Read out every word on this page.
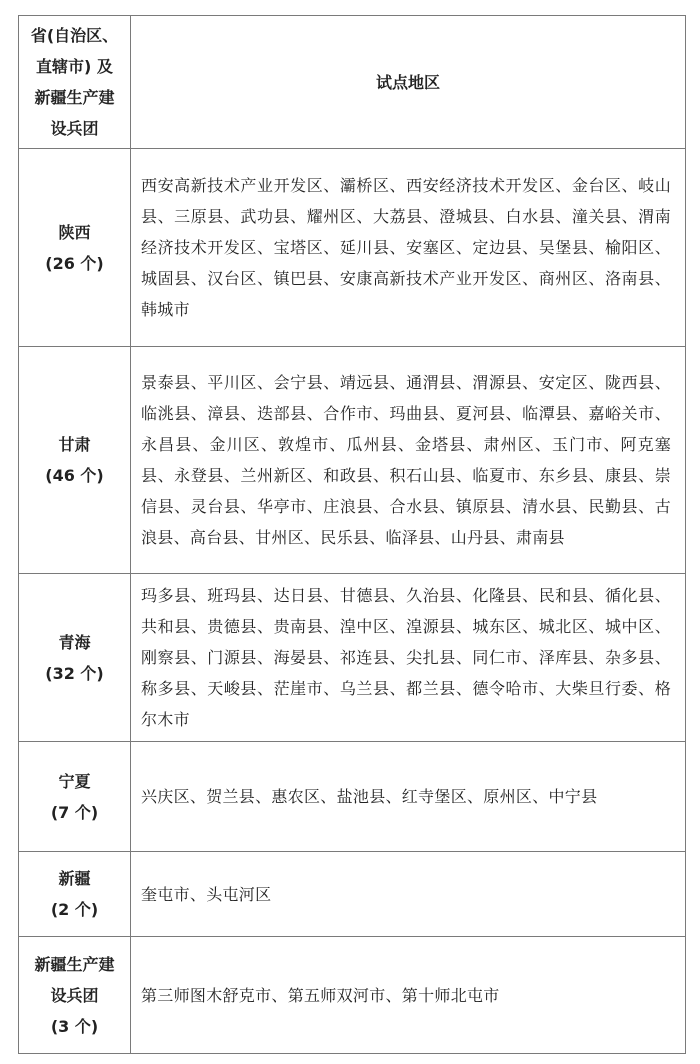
省(自治区、
直辖市) 及
新疆生产建
设兵团	试点地区

陕西
(26 个)	西安高新技术产业开发区、灞桥区、西安经济技术开发区、金台区、岐山县、三原县、武功县、耀州区、大荔县、澄城县、白水县、潼关县、渭南经济技术开发区、宝塔区、延川县、安塞区、定边县、吴堡县、榆阳区、城固县、汉台区、镇巴县、安康高新技术产业开发区、商州区、洛南县、韩城市

甘肃
(46 个)	景泰县、平川区、会宁县、靖远县、通渭县、渭源县、安定区、陇西县、临洮县、漳县、迭部县、合作市、玛曲县、夏河县、临潭县、嘉峪关市、永昌县、金川区、敦煌市、瓜州县、金塔县、肃州区、玉门市、阿克塞县、永登县、兰州新区、和政县、积石山县、临夏市、东乡县、康县、崇信县、灵台县、华亭市、庄浪县、合水县、镇原县、清水县、民勤县、古浪县、高台县、甘州区、民乐县、临泽县、山丹县、肃南县

青海
(32 个)	玛多县、班玛县、达日县、甘德县、久治县、化隆县、民和县、循化县、共和县、贵德县、贵南县、湟中区、湟源县、城东区、城北区、城中区、刚察县、门源县、海晏县、祁连县、尖扎县、同仁市、泽库县、杂多县、称多县、天峻县、茫崖市、乌兰县、都兰县、德令哈市、大柴旦行委、格尔木市

宁夏
(7 个)	兴庆区、贺兰县、惠农区、盐池县、红寺堡区、原州区、中宁县

新疆
(2 个)	奎屯市、头屯河区

新疆生产建
设兵团
(3 个)	第三师图木舒克市、第五师双河市、第十师北屯市
